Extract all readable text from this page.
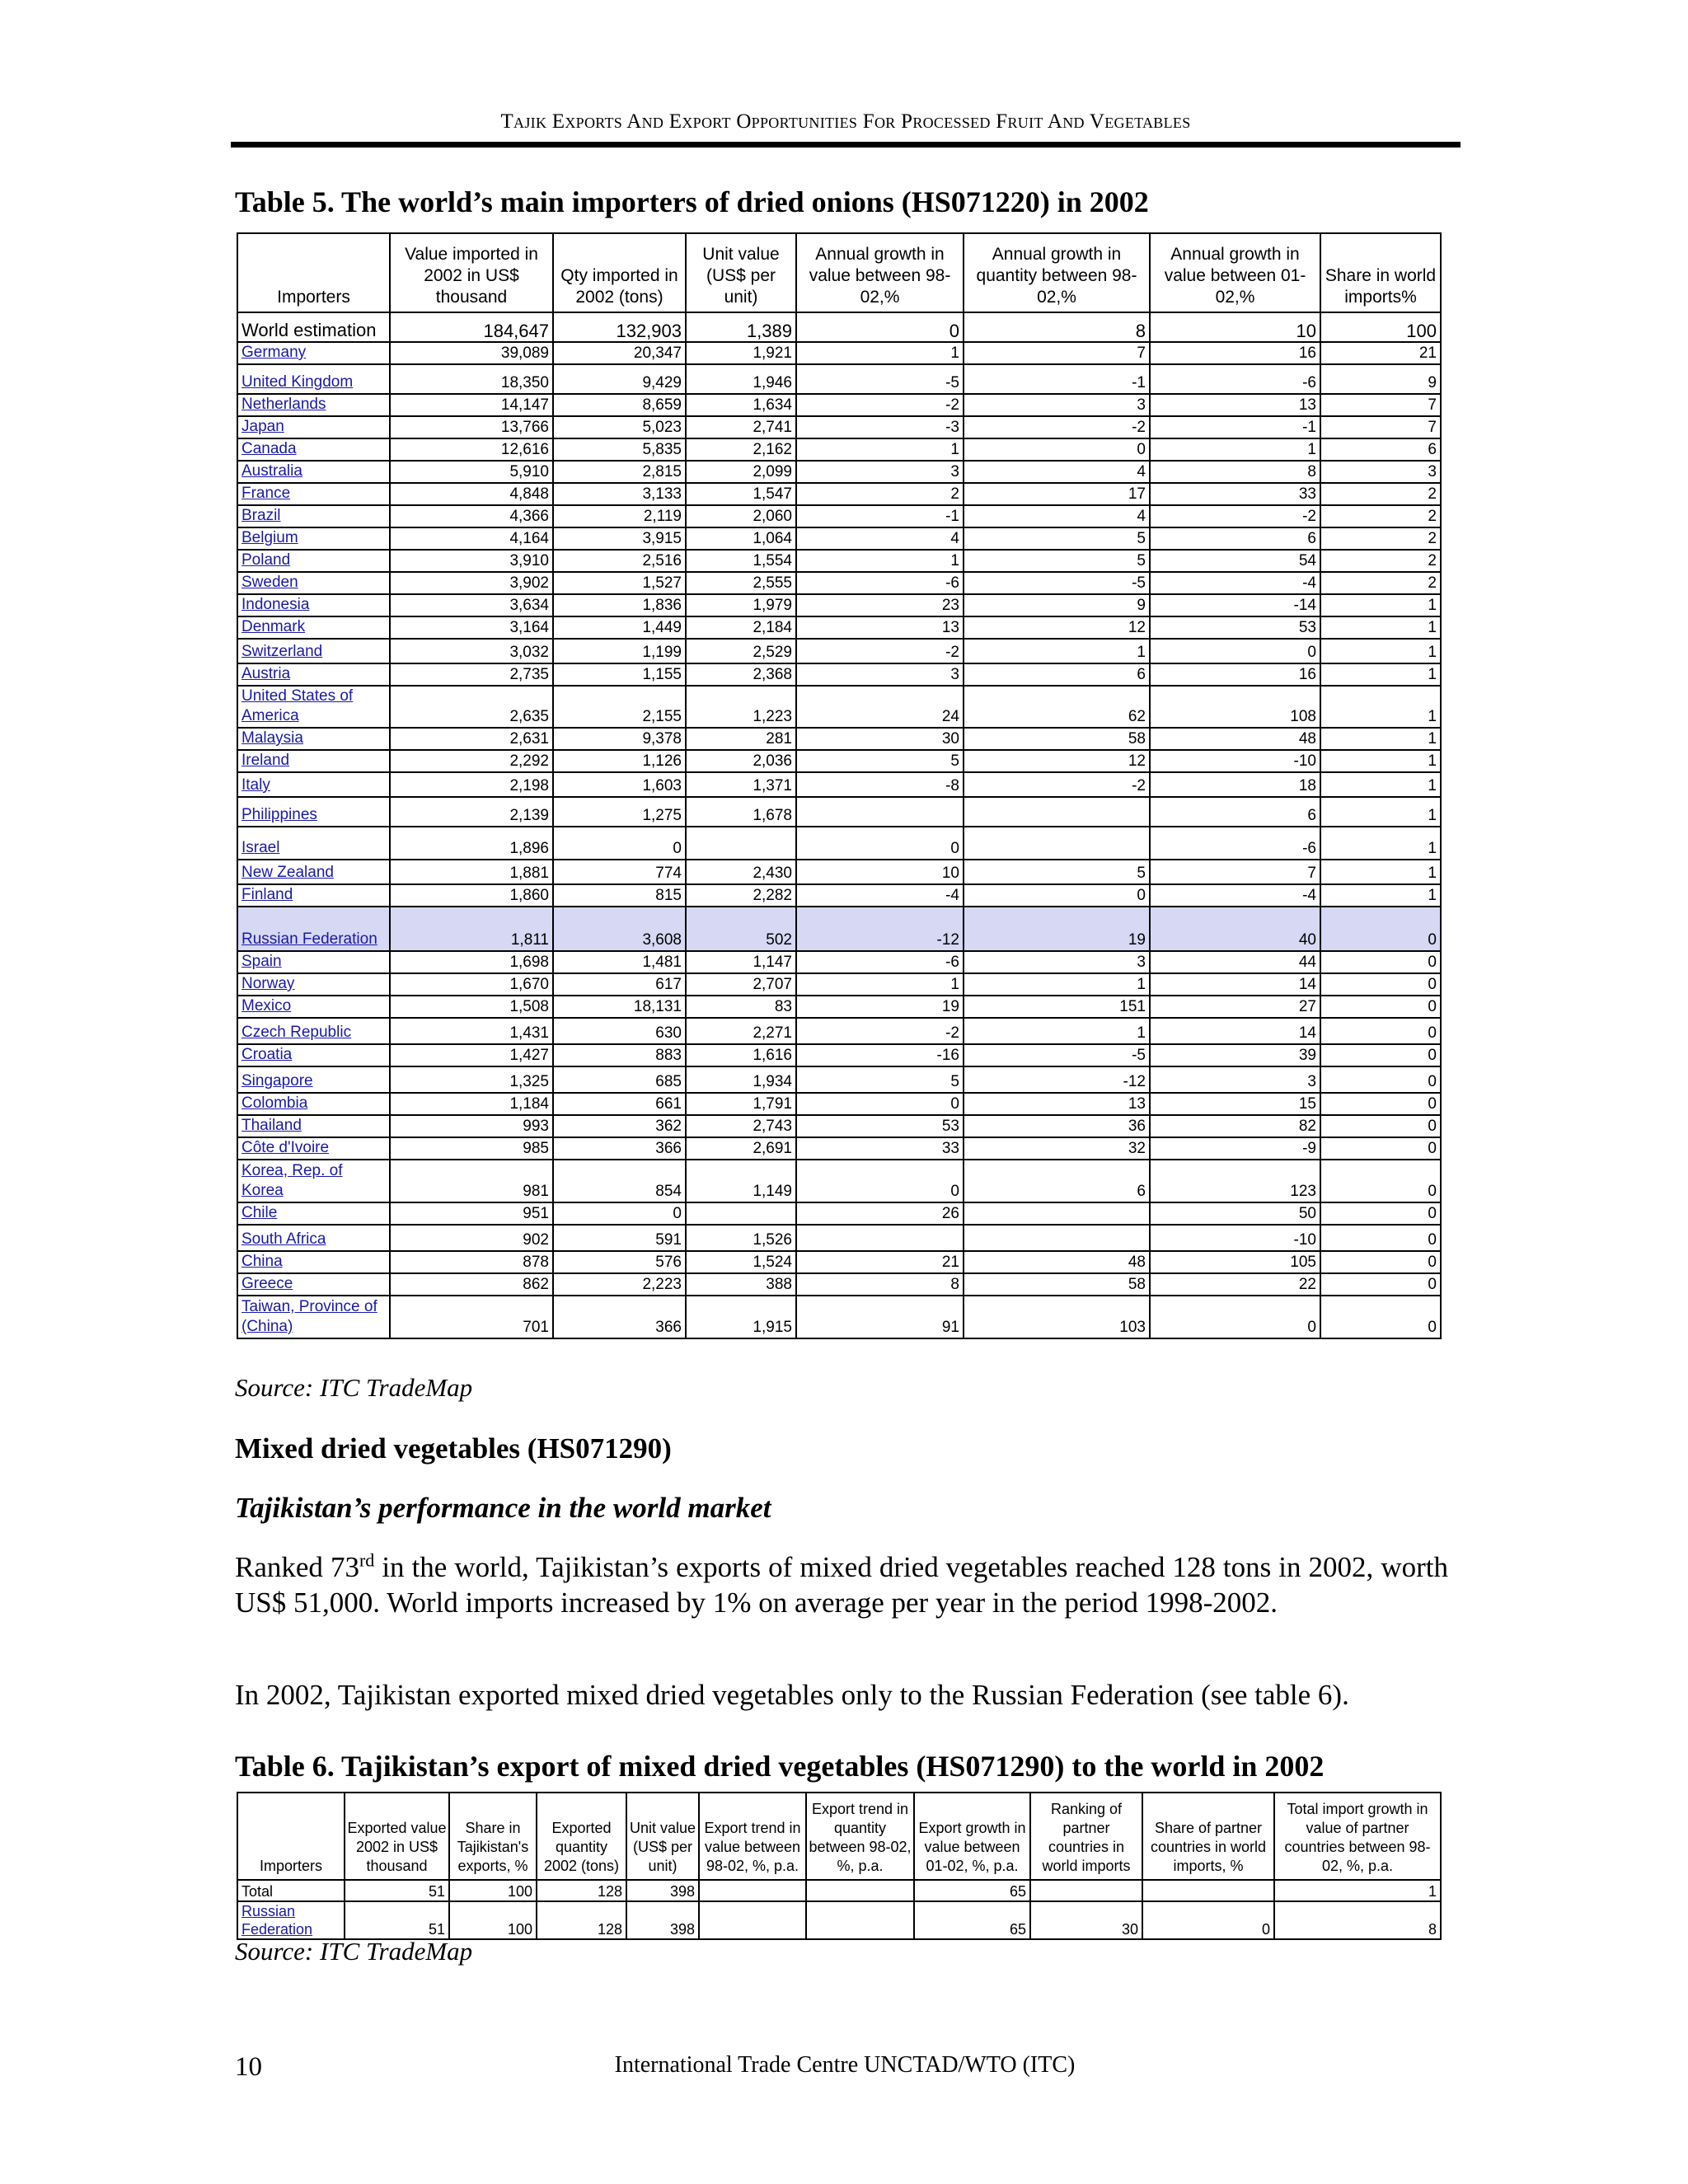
Tajik Exports And Export Opportunities For Processed Fruit And Vegetables
Table 5. The world’s main importers of dried onions (HS071220) in 2002
Importers	Value imported in 2002 in US$ thousand	Qty imported in 2002 (tons)	Unit value (US$ per unit)	Annual growth in value between 98-02,%	Annual growth in quantity between 98-02,%	Annual growth in value between 01-02,%	Share in world imports%
World estimation	184,647	132,903	1,389	0	8	10	100
Germany	39,089	20,347	1,921	1	7	16	21
United Kingdom	18,350	9,429	1,946	-5	-1	-6	9
Netherlands	14,147	8,659	1,634	-2	3	13	7
Japan	13,766	5,023	2,741	-3	-2	-1	7
Canada	12,616	5,835	2,162	1	0	1	6
Australia	5,910	2,815	2,099	3	4	8	3
France	4,848	3,133	1,547	2	17	33	2
Brazil	4,366	2,119	2,060	-1	4	-2	2
Belgium	4,164	3,915	1,064	4	5	6	2
Poland	3,910	2,516	1,554	1	5	54	2
Sweden	3,902	1,527	2,555	-6	-5	-4	2
Indonesia	3,634	1,836	1,979	23	9	-14	1
Denmark	3,164	1,449	2,184	13	12	53	1
Switzerland	3,032	1,199	2,529	-2	1	0	1
Austria	2,735	1,155	2,368	3	6	16	1
United States of America	2,635	2,155	1,223	24	62	108	1
Malaysia	2,631	9,378	281	30	58	48	1
Ireland	2,292	1,126	2,036	5	12	-10	1
Italy	2,198	1,603	1,371	-8	-2	18	1
Philippines	2,139	1,275	1,678			6	1
Israel	1,896	0		0		-6	1
New Zealand	1,881	774	2,430	10	5	7	1
Finland	1,860	815	2,282	-4	0	-4	1
Russian Federation	1,811	3,608	502	-12	19	40	0
Spain	1,698	1,481	1,147	-6	3	44	0
Norway	1,670	617	2,707	1	1	14	0
Mexico	1,508	18,131	83	19	151	27	0
Czech Republic	1,431	630	2,271	-2	1	14	0
Croatia	1,427	883	1,616	-16	-5	39	0
Singapore	1,325	685	1,934	5	-12	3	0
Colombia	1,184	661	1,791	0	13	15	0
Thailand	993	362	2,743	53	36	82	0
Côte d'Ivoire	985	366	2,691	33	32	-9	0
Korea, Rep. of Korea	981	854	1,149	0	6	123	0
Chile	951	0		26		50	0
South Africa	902	591	1,526			-10	0
China	878	576	1,524	21	48	105	0
Greece	862	2,223	388	8	58	22	0
Taiwan, Province of (China)	701	366	1,915	91	103	0	0

Source: ITC TradeMap

Mixed dried vegetables (HS071290)
Tajikistan’s performance in the world market

Ranked 73rd in the world, Tajikistan’s exports of mixed dried vegetables reached 128 tons in 2002, worth US$ 51,000. World imports increased by 1% on average per year in the period 1998-2002.

In 2002, Tajikistan exported mixed dried vegetables only to the Russian Federation (see table 6).

Table 6. Tajikistan’s export of mixed dried vegetables (HS071290) to the world in 2002
Importers	Exported value 2002 in US$ thousand	Share in Tajikistan's exports, %	Exported quantity 2002 (tons)	Unit value (US$ per unit)	Export trend in value between 98-02, %, p.a.	Export trend in quantity between 98-02, %, p.a.	Export growth in value between 01-02, %, p.a.	Ranking of partner countries in world imports	Share of partner countries in world imports, %	Total import growth in value of partner countries between 98-02, %, p.a.
Total	51	100	128	398			65			1
Russian Federation	51	100	128	398			65	30	0	8

Source: ITC TradeMap

10	International Trade Centre UNCTAD/WTO (ITC)
